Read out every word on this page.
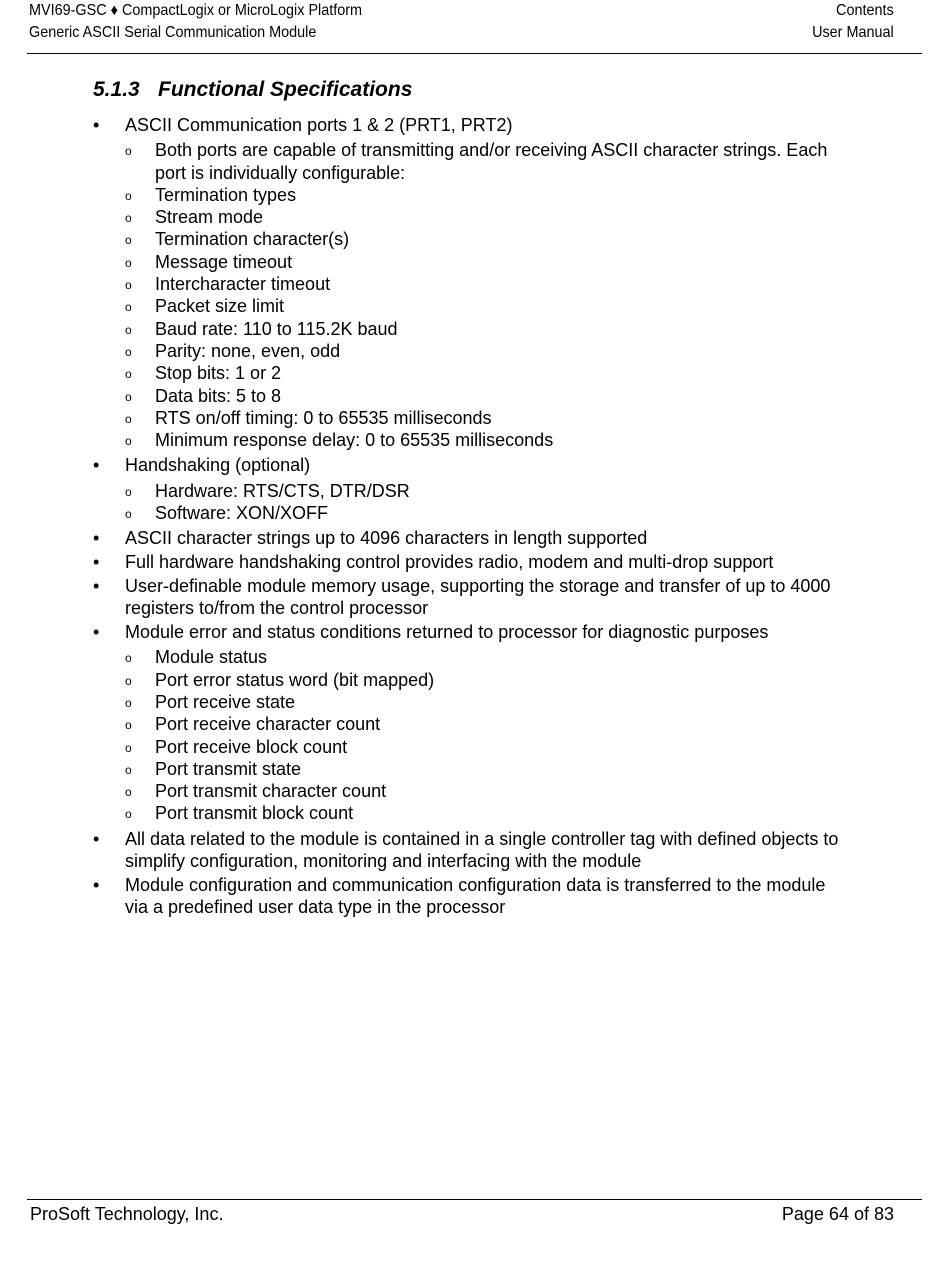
MVI69-GSC ♦ CompactLogix or MicroLogix Platform
Generic ASCII Serial Communication Module
Contents
User Manual
5.1.3 Functional Specifications
• ASCII Communication ports 1 & 2 (PRT1, PRT2)
o Both ports are capable of transmitting and/or receiving ASCII character strings. Each port is individually configurable:
o Termination types
o Stream mode
o Termination character(s)
o Message timeout
o Intercharacter timeout
o Packet size limit
o Baud rate: 110 to 115.2K baud
o Parity: none, even, odd
o Stop bits: 1 or 2
o Data bits: 5 to 8
o RTS on/off timing: 0 to 65535 milliseconds
o Minimum response delay: 0 to 65535 milliseconds
• Handshaking (optional)
o Hardware: RTS/CTS, DTR/DSR
o Software: XON/XOFF
• ASCII character strings up to 4096 characters in length supported
• Full hardware handshaking control provides radio, modem and multi-drop support
• User-definable module memory usage, supporting the storage and transfer of up to 4000 registers to/from the control processor
• Module error and status conditions returned to processor for diagnostic purposes
o Module status
o Port error status word (bit mapped)
o Port receive state
o Port receive character count
o Port receive block count
o Port transmit state
o Port transmit character count
o Port transmit block count
• All data related to the module is contained in a single controller tag with defined objects to simplify configuration, monitoring and interfacing with the module
• Module configuration and communication configuration data is transferred to the module via a predefined user data type in the processor
ProSoft Technology, Inc.	Page 64 of 83
